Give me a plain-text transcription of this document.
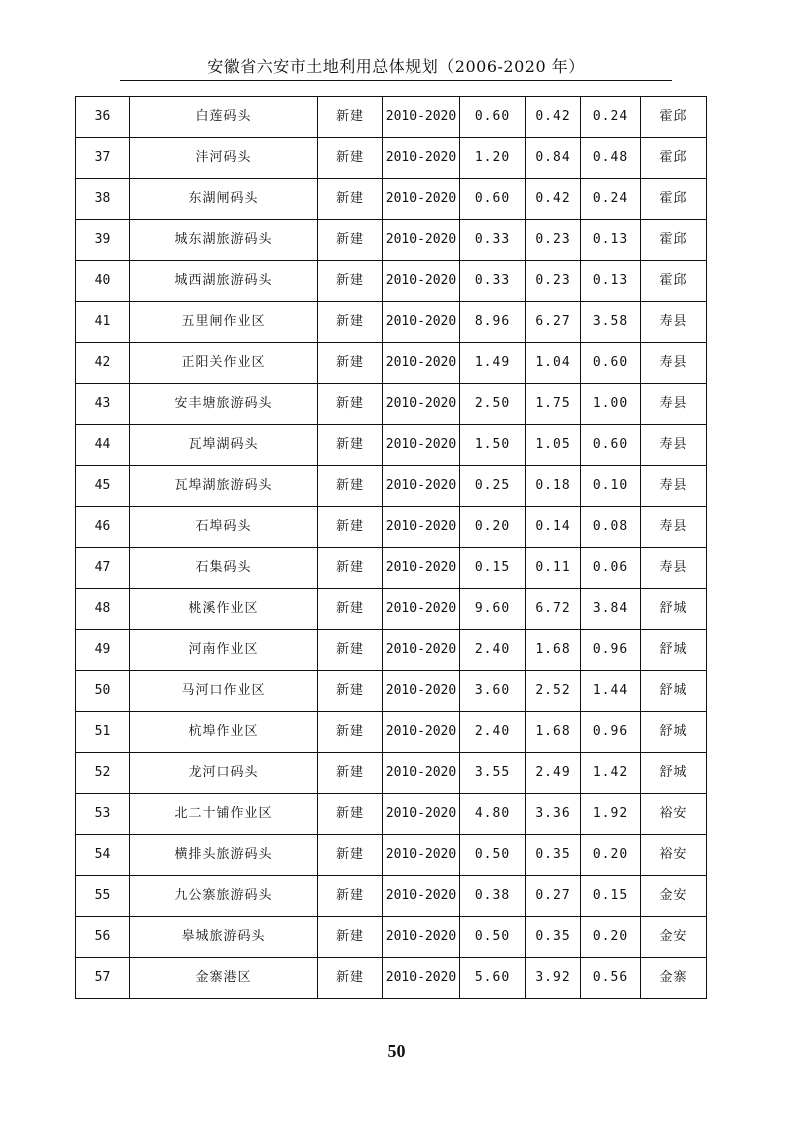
安徽省六安市土地利用总体规划（2006-2020 年）
36	白莲码头	新建	2010-2020	0.60	0.42	0.24	霍邱
37	沣河码头	新建	2010-2020	1.20	0.84	0.48	霍邱
38	东湖闸码头	新建	2010-2020	0.60	0.42	0.24	霍邱
39	城东湖旅游码头	新建	2010-2020	0.33	0.23	0.13	霍邱
40	城西湖旅游码头	新建	2010-2020	0.33	0.23	0.13	霍邱
41	五里闸作业区	新建	2010-2020	8.96	6.27	3.58	寿县
42	正阳关作业区	新建	2010-2020	1.49	1.04	0.60	寿县
43	安丰塘旅游码头	新建	2010-2020	2.50	1.75	1.00	寿县
44	瓦埠湖码头	新建	2010-2020	1.50	1.05	0.60	寿县
45	瓦埠湖旅游码头	新建	2010-2020	0.25	0.18	0.10	寿县
46	石埠码头	新建	2010-2020	0.20	0.14	0.08	寿县
47	石集码头	新建	2010-2020	0.15	0.11	0.06	寿县
48	桃溪作业区	新建	2010-2020	9.60	6.72	3.84	舒城
49	河南作业区	新建	2010-2020	2.40	1.68	0.96	舒城
50	马河口作业区	新建	2010-2020	3.60	2.52	1.44	舒城
51	杭埠作业区	新建	2010-2020	2.40	1.68	0.96	舒城
52	龙河口码头	新建	2010-2020	3.55	2.49	1.42	舒城
53	北二十铺作业区	新建	2010-2020	4.80	3.36	1.92	裕安
54	横排头旅游码头	新建	2010-2020	0.50	0.35	0.20	裕安
55	九公寨旅游码头	新建	2010-2020	0.38	0.27	0.15	金安
56	皋城旅游码头	新建	2010-2020	0.50	0.35	0.20	金安
57	金寨港区	新建	2010-2020	5.60	3.92	0.56	金寨
50
